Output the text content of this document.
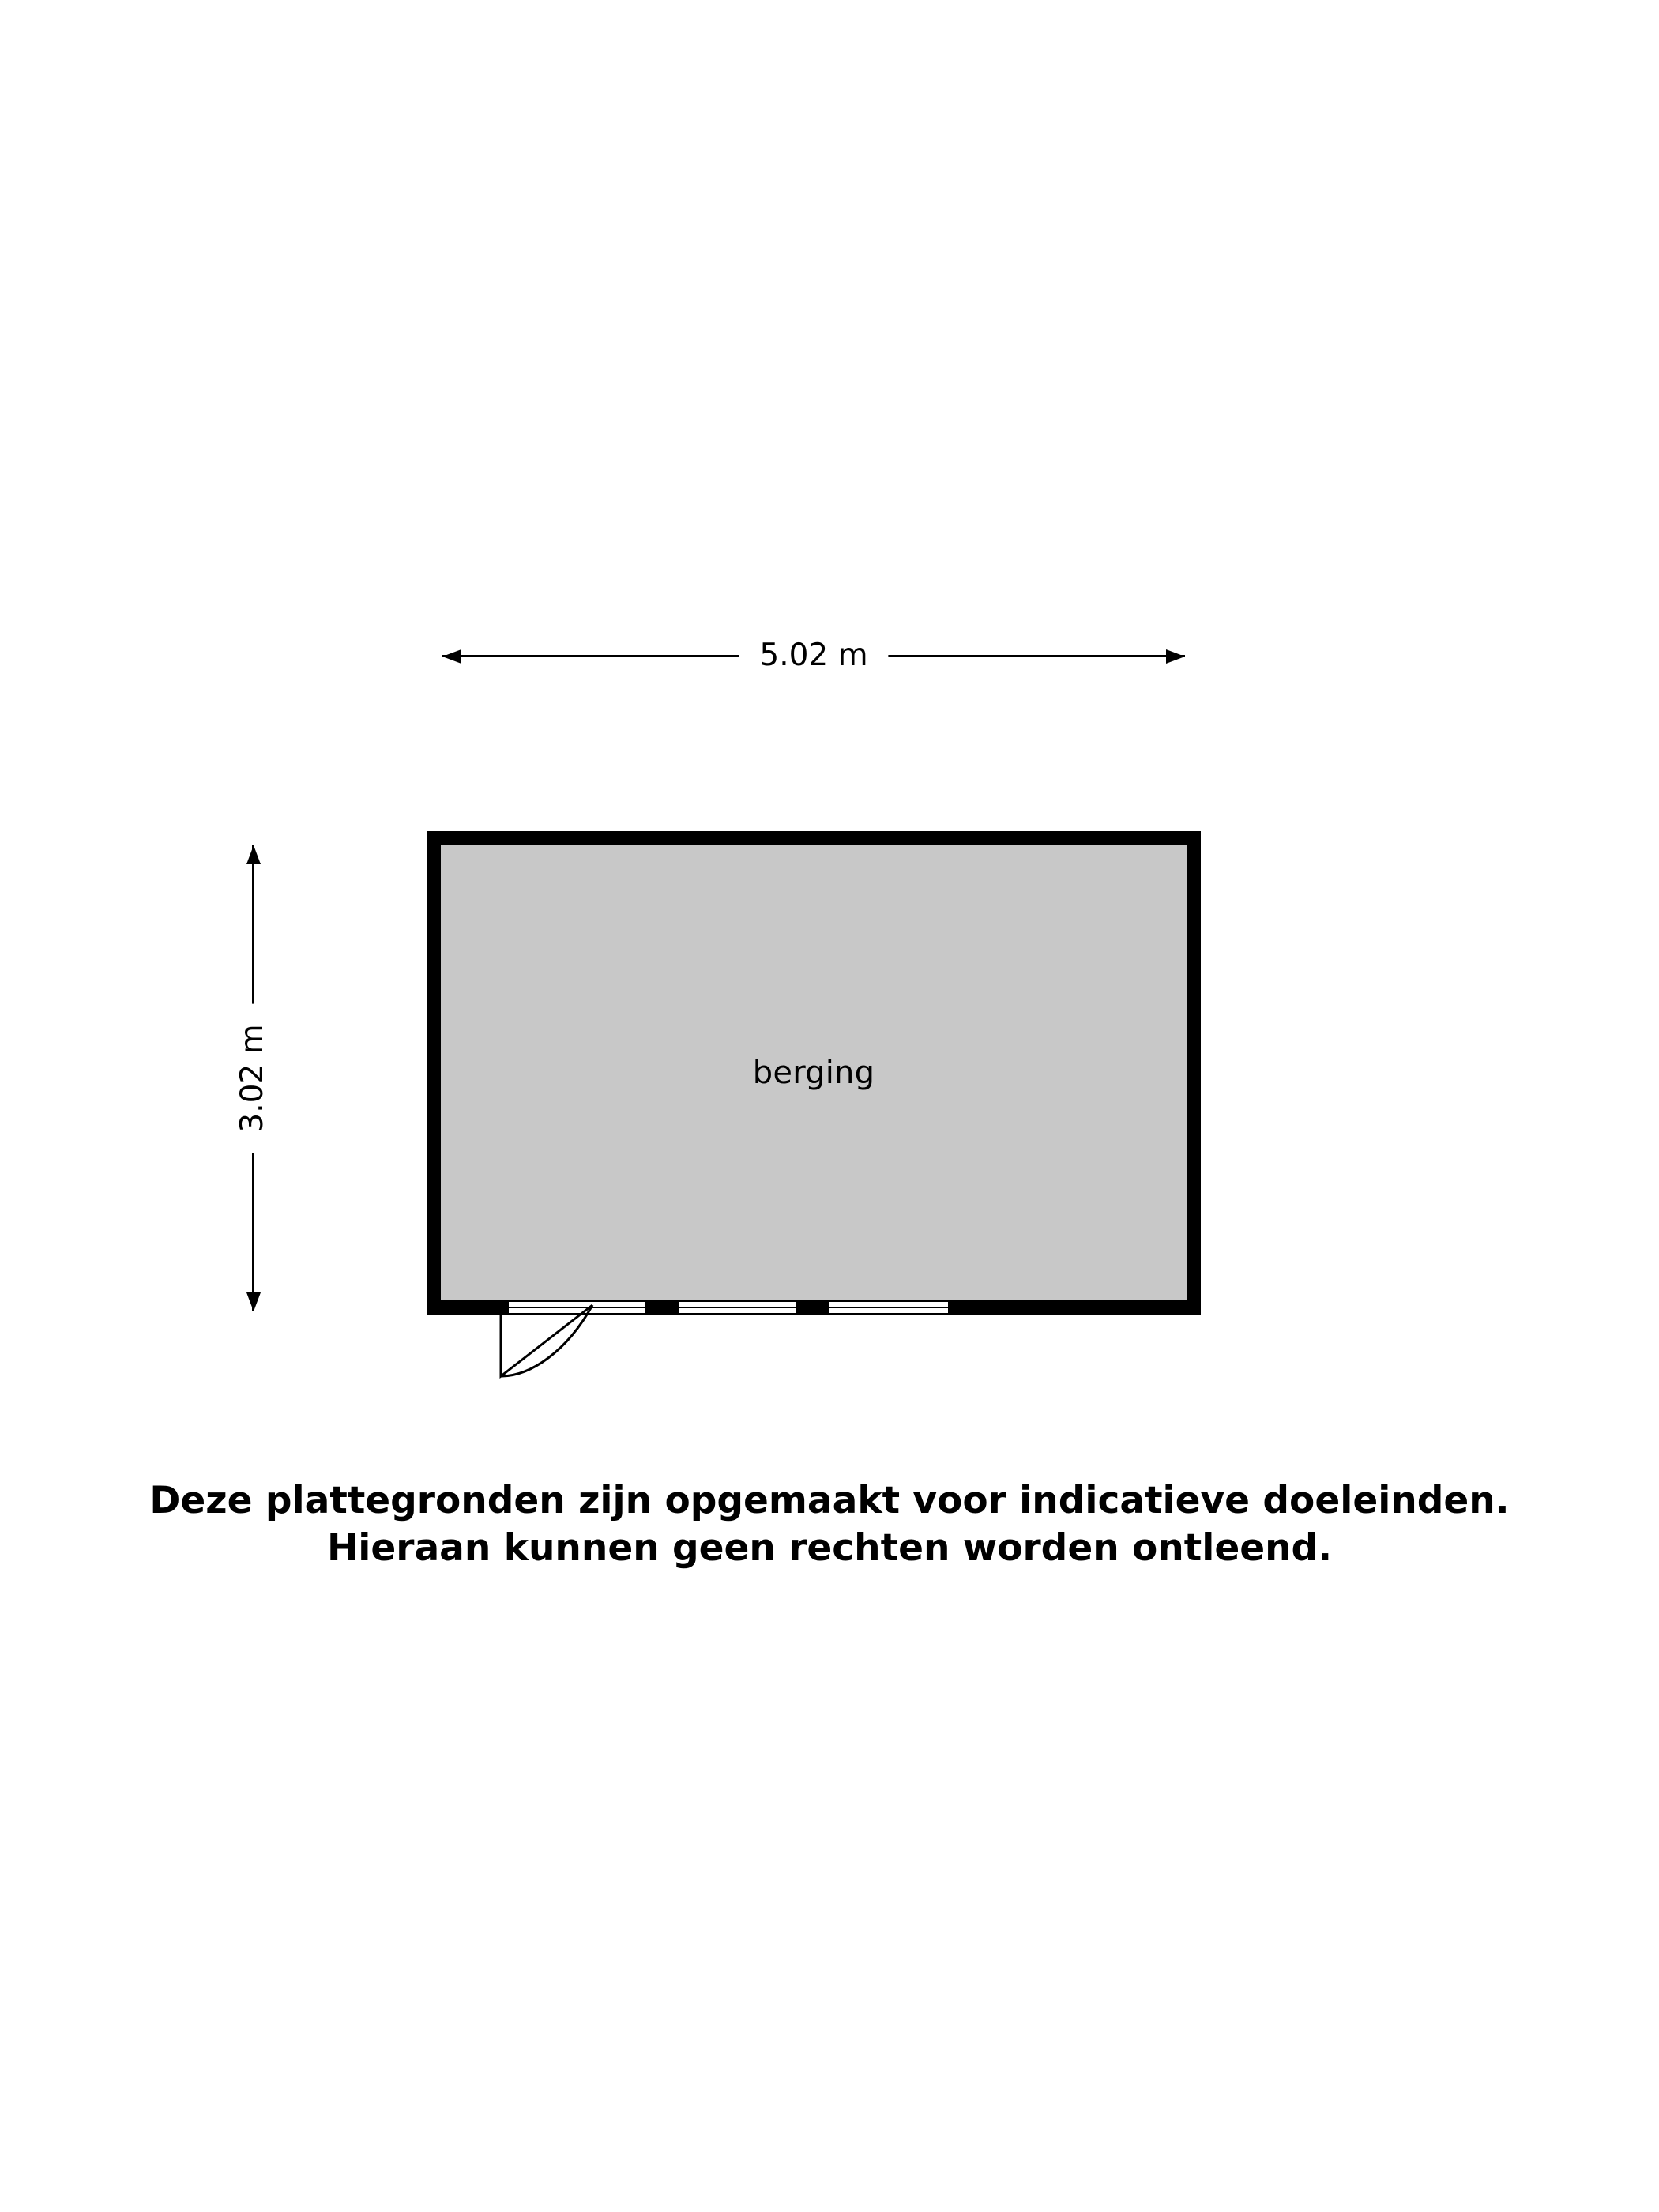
5.02 m
3.02 m	berging
Deze plattegronden zijn opgemaakt voor indicatieve doeleinden.
Hieraan kunnen geen rechten worden ontleend.
